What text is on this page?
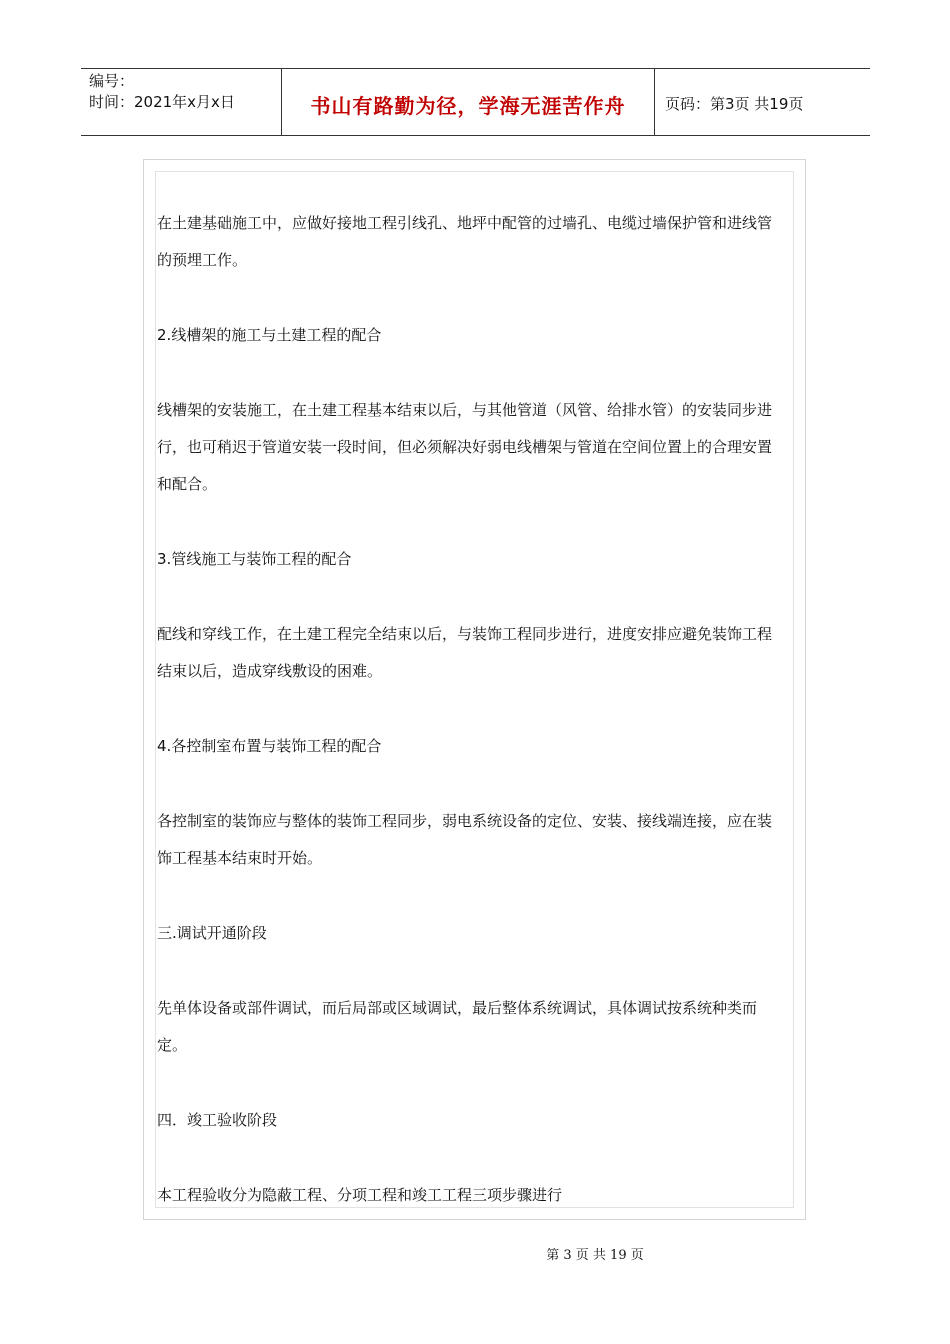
编号：
时间：2021年x月x日	书山有路勤为径，学海无涯苦作舟	页码：第3页 共19页

在土建基础施工中，应做好接地工程引线孔、地坪中配管的过墙孔、电缆过墙保护管和进线管的预埋工作。

2.线槽架的施工与土建工程的配合

线槽架的安装施工，在土建工程基本结束以后，与其他管道（风管、给排水管）的安装同步进行，也可稍迟于管道安装一段时间，但必须解决好弱电线槽架与管道在空间位置上的合理安置和配合。

3.管线施工与装饰工程的配合

配线和穿线工作，在土建工程完全结束以后，与装饰工程同步进行，进度安排应避免装饰工程结束以后，造成穿线敷设的困难。

4.各控制室布置与装饰工程的配合

各控制室的装饰应与整体的装饰工程同步，弱电系统设备的定位、安装、接线端连接，应在装饰工程基本结束时开始。

三.调试开通阶段

先单体设备或部件调试，而后局部或区域调试，最后整体系统调试，具体调试按系统种类而定。

四．竣工验收阶段

本工程验收分为隐蔽工程、分项工程和竣工工程三项步骤进行

第 3 页 共 19 页
